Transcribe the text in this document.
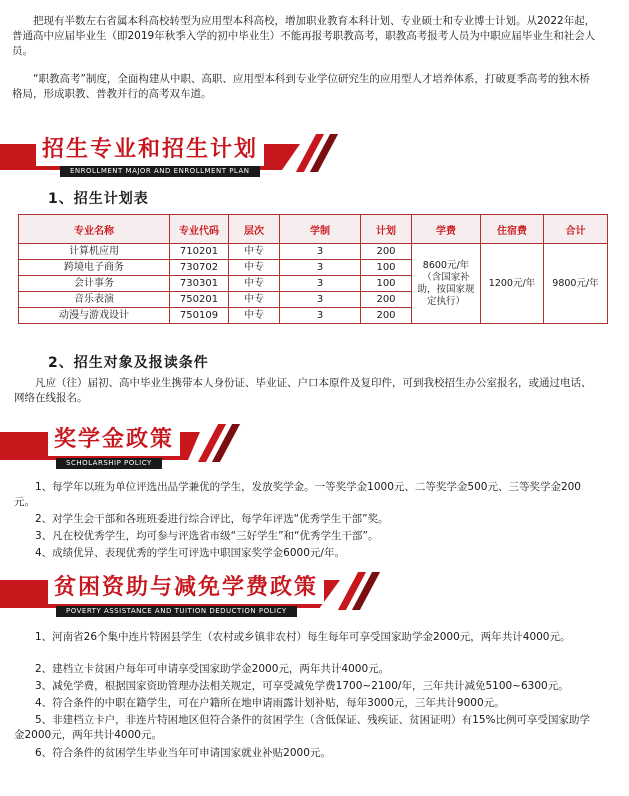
把现有半数左右省属本科高校转型为应用型本科高校，增加职业教育本科计划、专业硕士和专业博士计划。从2022年起，普通高中应届毕业生（即2019年秋季入学的初中毕业生）不能再报考职教高考，职教高考报考人员为中职应届毕业生和社会人员。

“职教高考”制度，全面构建从中职、高职、应用型本科到专业学位研究生的应用型人才培养体系，打破夏季高考的独木桥格局，形成职教、普教并行的高考双车道。

招生专业和招生计划
ENROLLMENT MAJOR AND ENROLLMENT PLAN
1、招生计划表
专业名称	专业代码	层次	学制	计划	学费	住宿费	合计
计算机应用	710201	中专	3	200	8600元/年（含国家补助，按国家规定执行）	1200元/年	9800元/年
跨境电子商务	730702	中专	3	100			
会计事务	730301	中专	3	100			
音乐表演	750201	中专	3	200			
动漫与游戏设计	750109	中专	3	200			
2、招生对象及报读条件

凡应（往）届初、高中毕业生携带本人身份证、毕业证、户口本原件及复印件，可到我校招生办公室报名，或通过电话、网络在线报名。

奖学金政策
SCHOLARSHIP POLICY

1、每学年以班为单位评选出品学兼优的学生，发放奖学金。一等奖学金1000元、二等奖学金500元、三等奖学金200元。

2、对学生会干部和各班班委进行综合评比，每学年评选“优秀学生干部”奖。

3、凡在校优秀学生，均可参与评选省市级“三好学生”和“优秀学生干部”。

4、成绩优异、表现优秀的学生可评选中职国家奖学金6000元/年。

贫困资助与减免学费政策
POVERTY ASSISTANCE AND TUITION DEDUCTION POLICY

1、河南省26个集中连片特困县学生（农村或乡镇非农村）每生每年可享受国家助学金2000元，两年共计4000元。

2、建档立卡贫困户每年可申请享受国家助学金2000元，两年共计4000元。

3、减免学费，根据国家资助管理办法相关规定，可享受减免学费1700~2100/年，三年共计减免5100~6300元。

4、符合条件的中职在籍学生，可在户籍所在地申请雨露计划补贴，每年3000元，三年共计9000元。

5、非建档立卡户，非连片特困地区但符合条件的贫困学生（含低保证、残疾证、贫困证明）有15%比例可享受国家助学金2000元，两年共计4000元。

6、符合条件的贫困学生毕业当年可申请国家就业补贴2000元。
